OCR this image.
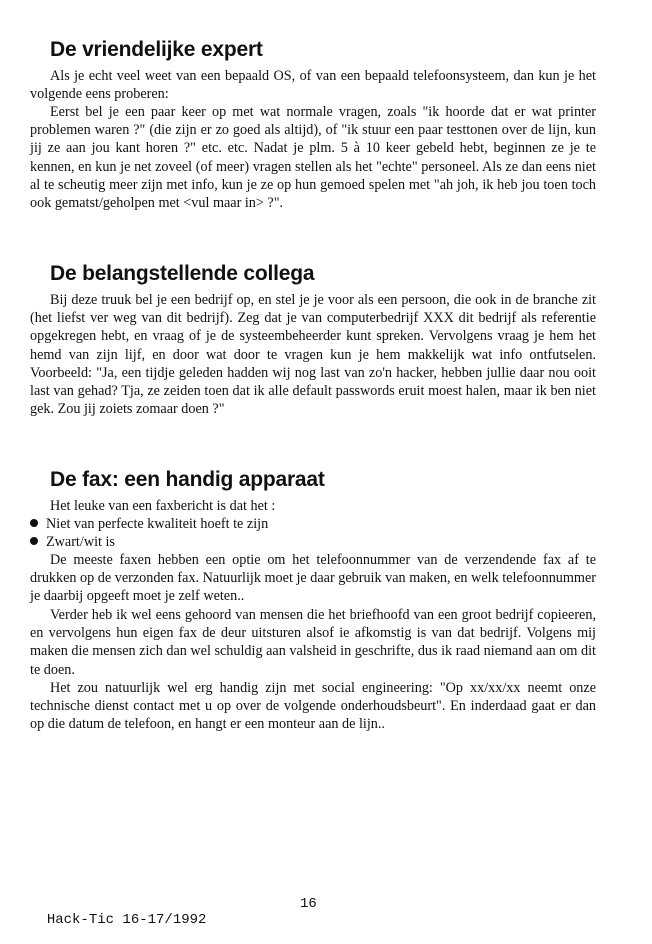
De vriendelijke expert

Als je echt veel weet van een bepaald OS, of van een bepaald telefoonsysteem, dan kun je het volgende eens proberen:

Eerst bel je een paar keer op met wat normale vragen, zoals "ik hoorde dat er wat printer problemen waren ?" (die zijn er zo goed als altijd), of "ik stuur een paar testtonen over de lijn, kun jij ze aan jou kant horen ?" etc. etc. Nadat je plm. 5 à 10 keer gebeld hebt, beginnen ze je te kennen, en kun je net zoveel (of meer) vragen stellen als het "echte" personeel. Als ze dan eens niet al te scheutig meer zijn met info, kun je ze op hun gemoed spelen met "ah joh, ik heb jou toen toch ook gematst/geholpen met <vul maar in> ?".

De belangstellende collega

Bij deze truuk bel je een bedrijf op, en stel je je voor als een persoon, die ook in de branche zit (het liefst ver weg van dit bedrijf). Zeg dat je van computerbedrijf XXX dit bedrijf als referentie opgekregen hebt, en vraag of je de systeembeheerder kunt spreken. Vervolgens vraag je hem het hemd van zijn lijf, en door wat door te vragen kun je hem makkelijk wat info ontfutselen. Voorbeeld: "Ja, een tijdje geleden hadden wij nog last van zo'n hacker, hebben jullie daar nou ooit last van gehad? Tja, ze zeiden toen dat ik alle default passwords eruit moest halen, maar ik ben niet gek. Zou jij zoiets zomaar doen ?"

De fax: een handig apparaat

Het leuke van een faxbericht is dat het :

Niet van perfecte kwaliteit hoeft te zijn
Zwart/wit is

De meeste faxen hebben een optie om het telefoonnummer van de verzendende fax af te drukken op de verzonden fax. Natuurlijk moet je daar gebruik van maken, en welk telefoonnummer je daarbij opgeeft moet je zelf weten..

Verder heb ik wel eens gehoord van mensen die het briefhoofd van een groot bedrijf copieeren, en vervolgens hun eigen fax de deur uitsturen alsof ie afkomstig is van dat bedrijf. Volgens mij maken die mensen zich dan wel schuldig aan valsheid in geschrifte, dus ik raad niemand aan om dit te doen.

Het zou natuurlijk wel erg handig zijn met social engineering: "Op xx/xx/xx neemt onze technische dienst contact met u op over de volgende onderhoudsbeurt". En inderdaad gaat er dan op die datum de telefoon, en hangt er een monteur aan de lijn..

Hack-Tic 16-17/1992

16
